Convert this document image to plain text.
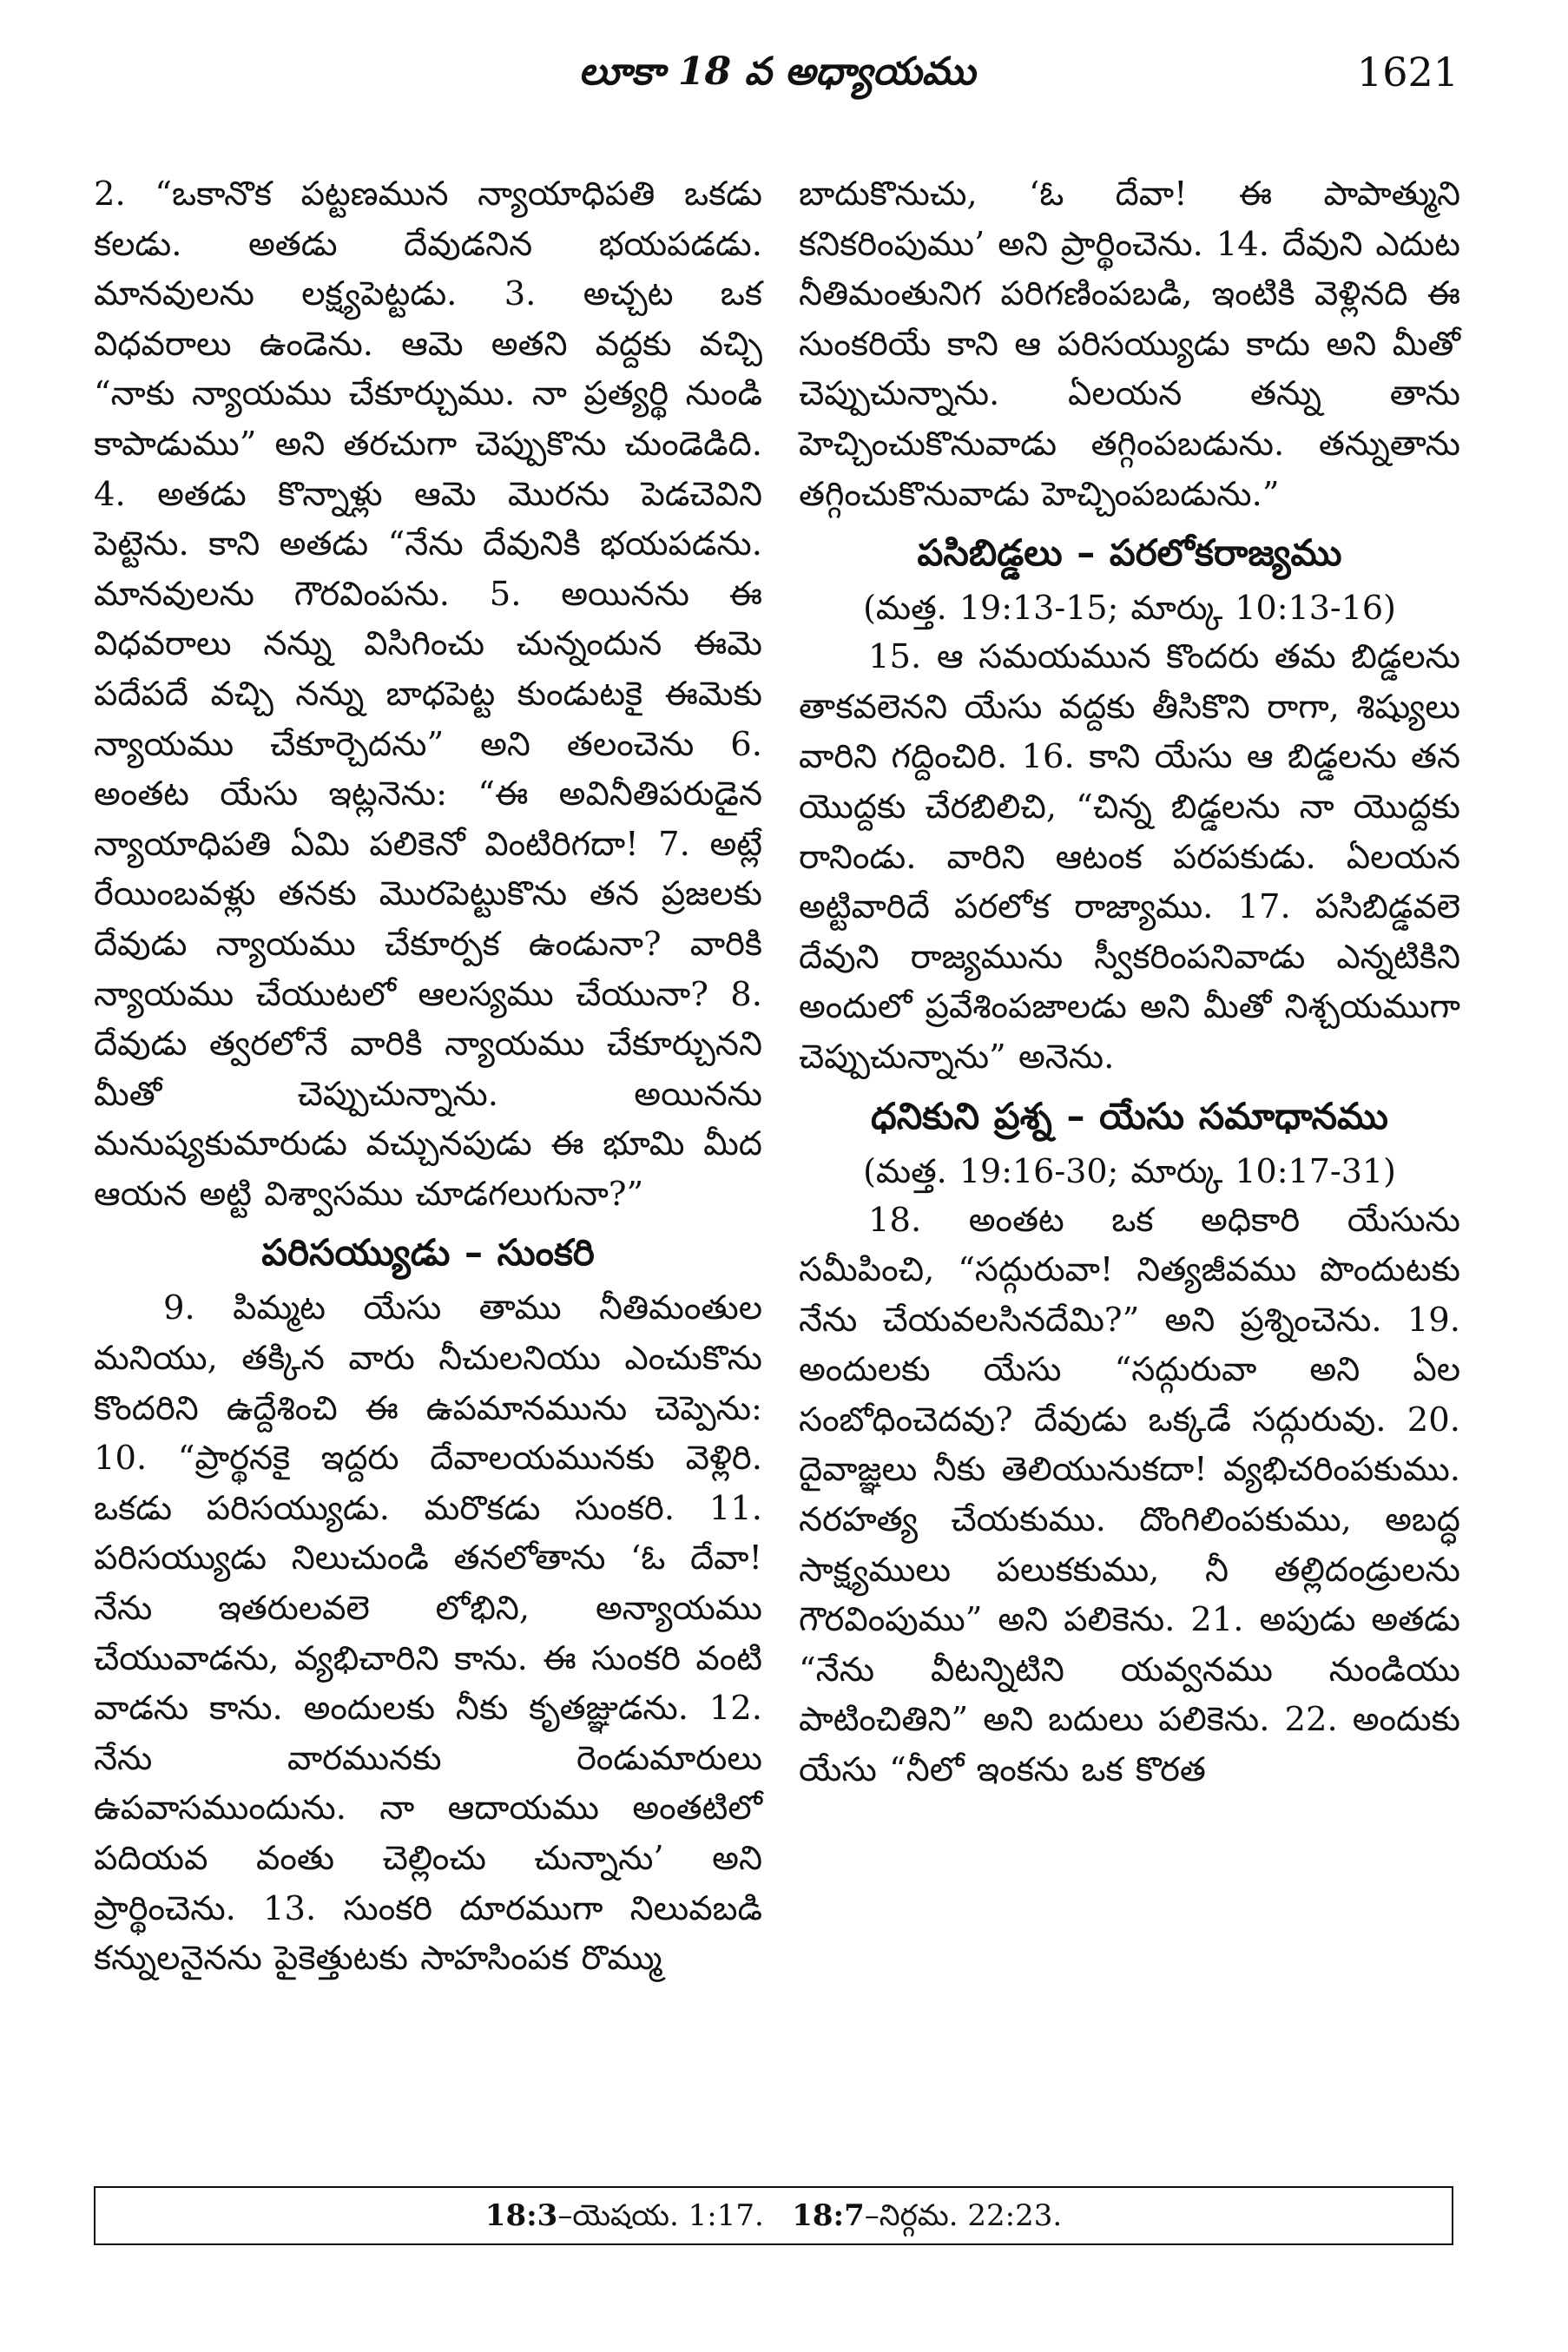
లూకా 18 వ అధ్యాయము	1621

2. “ఒకానొక పట్టణమున న్యాయాధిపతి ఒకడు కలడు. అతడు దేవుడనిన భయపడడు. మానవులను లక్ష్యపెట్టడు. 3. అచ్చట ఒక విధవరాలు ఉండెను. ఆమె అతని వద్దకు వచ్చి “నాకు న్యాయము చేకూర్చుము. నా ప్రత్యర్థి నుండి కాపాడుము” అని తరచుగా చెప్పుకొను చుండెడిది. 4. అతడు కొన్నాళ్లు ఆమె మొరను పెడచెవిని పెట్టెను. కాని అతడు “నేను దేవునికి భయపడను. మానవులను గౌరవింపను. 5. అయినను ఈ విధవరాలు నన్ను విసిగించు చున్నందున ఈమె పదేపదే వచ్చి నన్ను బాధపెట్ట కుండుటకై ఈమెకు న్యాయము చేకూర్చెదను” అని తలంచెను 6. అంతట యేసు ఇట్లనెను: “ఈ అవినీతిపరుడైన న్యాయాధిపతి ఏమి పలికెనో వింటిరిగదా! 7. అట్లే రేయింబవళ్లు తనకు మొరపెట్టుకొను తన ప్రజలకు దేవుడు న్యాయము చేకూర్పక ఉండునా? వారికి న్యాయము చేయుటలో ఆలస్యము చేయునా? 8. దేవుడు త్వరలోనే వారికి న్యాయము చేకూర్చునని మీతో చెప్పుచున్నాను. అయినను మనుష్యకుమారుడు వచ్చునపుడు ఈ భూమి మీద ఆయన అట్టి విశ్వాసము చూడగలుగునా?”

పరిసయ్యుడు – సుంకరి

9. పిమ్మట యేసు తాము నీతిమంతుల మనియు, తక్కిన వారు నీచులనియు ఎంచుకొను కొందరిని ఉద్దేశించి ఈ ఉపమానమును చెప్పెను: 10. “ప్రార్థనకై ఇద్దరు దేవాలయమునకు వెళ్లిరి. ఒకడు పరిసయ్యుడు. మరొకడు సుంకరి. 11. పరిసయ్యుడు నిలుచుండి తనలోతాను ‘ఓ దేవా! నేను ఇతరులవలె లోభిని, అన్యాయము చేయువాడను, వ్యభిచారిని కాను. ఈ సుంకరి వంటి వాడను కాను. అందులకు నీకు కృతజ్ఞుడను. 12. నేను వారమునకు రెండుమారులు ఉపవాసముందును. నా ఆదాయము అంతటిలో పదియవ వంతు చెల్లించు చున్నాను’ అని ప్రార్థించెను. 13. సుంకరి దూరముగా నిలువబడి కన్నులనైనను పైకెత్తుటకు సాహసింపక రొమ్ము

బాదుకొనుచు, ‘ఓ దేవా! ఈ పాపాత్ముని కనికరింపుము’ అని ప్రార్థించెను. 14. దేవుని ఎదుట నీతిమంతునిగ పరిగణింపబడి, ఇంటికి వెళ్లినది ఈ సుంకరియే కాని ఆ పరిసయ్యుడు కాదు అని మీతో చెప్పుచున్నాను. ఏలయన తన్ను తాను హెచ్చించుకొనువాడు తగ్గింపబడును. తన్నుతాను తగ్గించుకొనువాడు హెచ్చింపబడును.”

పసిబిడ్డలు – పరలోకరాజ్యము

(మత్త. 19:13-15; మార్కు 10:13-16)

15. ఆ సమయమున కొందరు తమ బిడ్డలను తాకవలెనని యేసు వద్దకు తీసికొని రాగా, శిష్యులు వారిని గద్దించిరి. 16. కాని యేసు ఆ బిడ్డలను తన యొద్దకు చేరబిలిచి, “చిన్న బిడ్డలను నా యొద్దకు రానిండు. వారిని ఆటంక పరపకుడు. ఏలయన అట్టివారిదే పరలోక రాజ్యాము. 17. పసిబిడ్డవలె దేవుని రాజ్యమును స్వీకరింపనివాడు ఎన్నటికిని అందులో ప్రవేశింపజాలడు అని మీతో నిశ్చయముగా చెప్పుచున్నాను” అనెను.

ధనికుని ప్రశ్న – యేసు సమాధానము

(మత్త. 19:16-30; మార్కు 10:17-31)

18. అంతట ఒక అధికారి యేసును సమీపించి, “సద్గురువా! నిత్యజీవము పొందుటకు నేను చేయవలసినదేమి?” అని ప్రశ్నించెను. 19. అందులకు యేసు “సద్గురువా అని ఏల సంబోధించెదవు? దేవుడు ఒక్కడే సద్గురువు. 20. దైవాజ్ఞలు నీకు తెలియునుకదా! వ్యభిచరింపకుము. నరహత్య చేయకుము. దొంగిలింపకుము, అబద్ధ సాక్ష్యములు పలుకకుము, నీ తల్లిదండ్రులను గౌరవింపుము” అని పలికెను. 21. అపుడు అతడు “నేను వీటన్నిటిని యవ్వనము నుండియు పాటించితిని” అని బదులు పలికెను. 22. అందుకు యేసు “నీలో ఇంకను ఒక కొరత

18:3–యెషయ. 1:17. 18:7–నిర్గమ. 22:23.
